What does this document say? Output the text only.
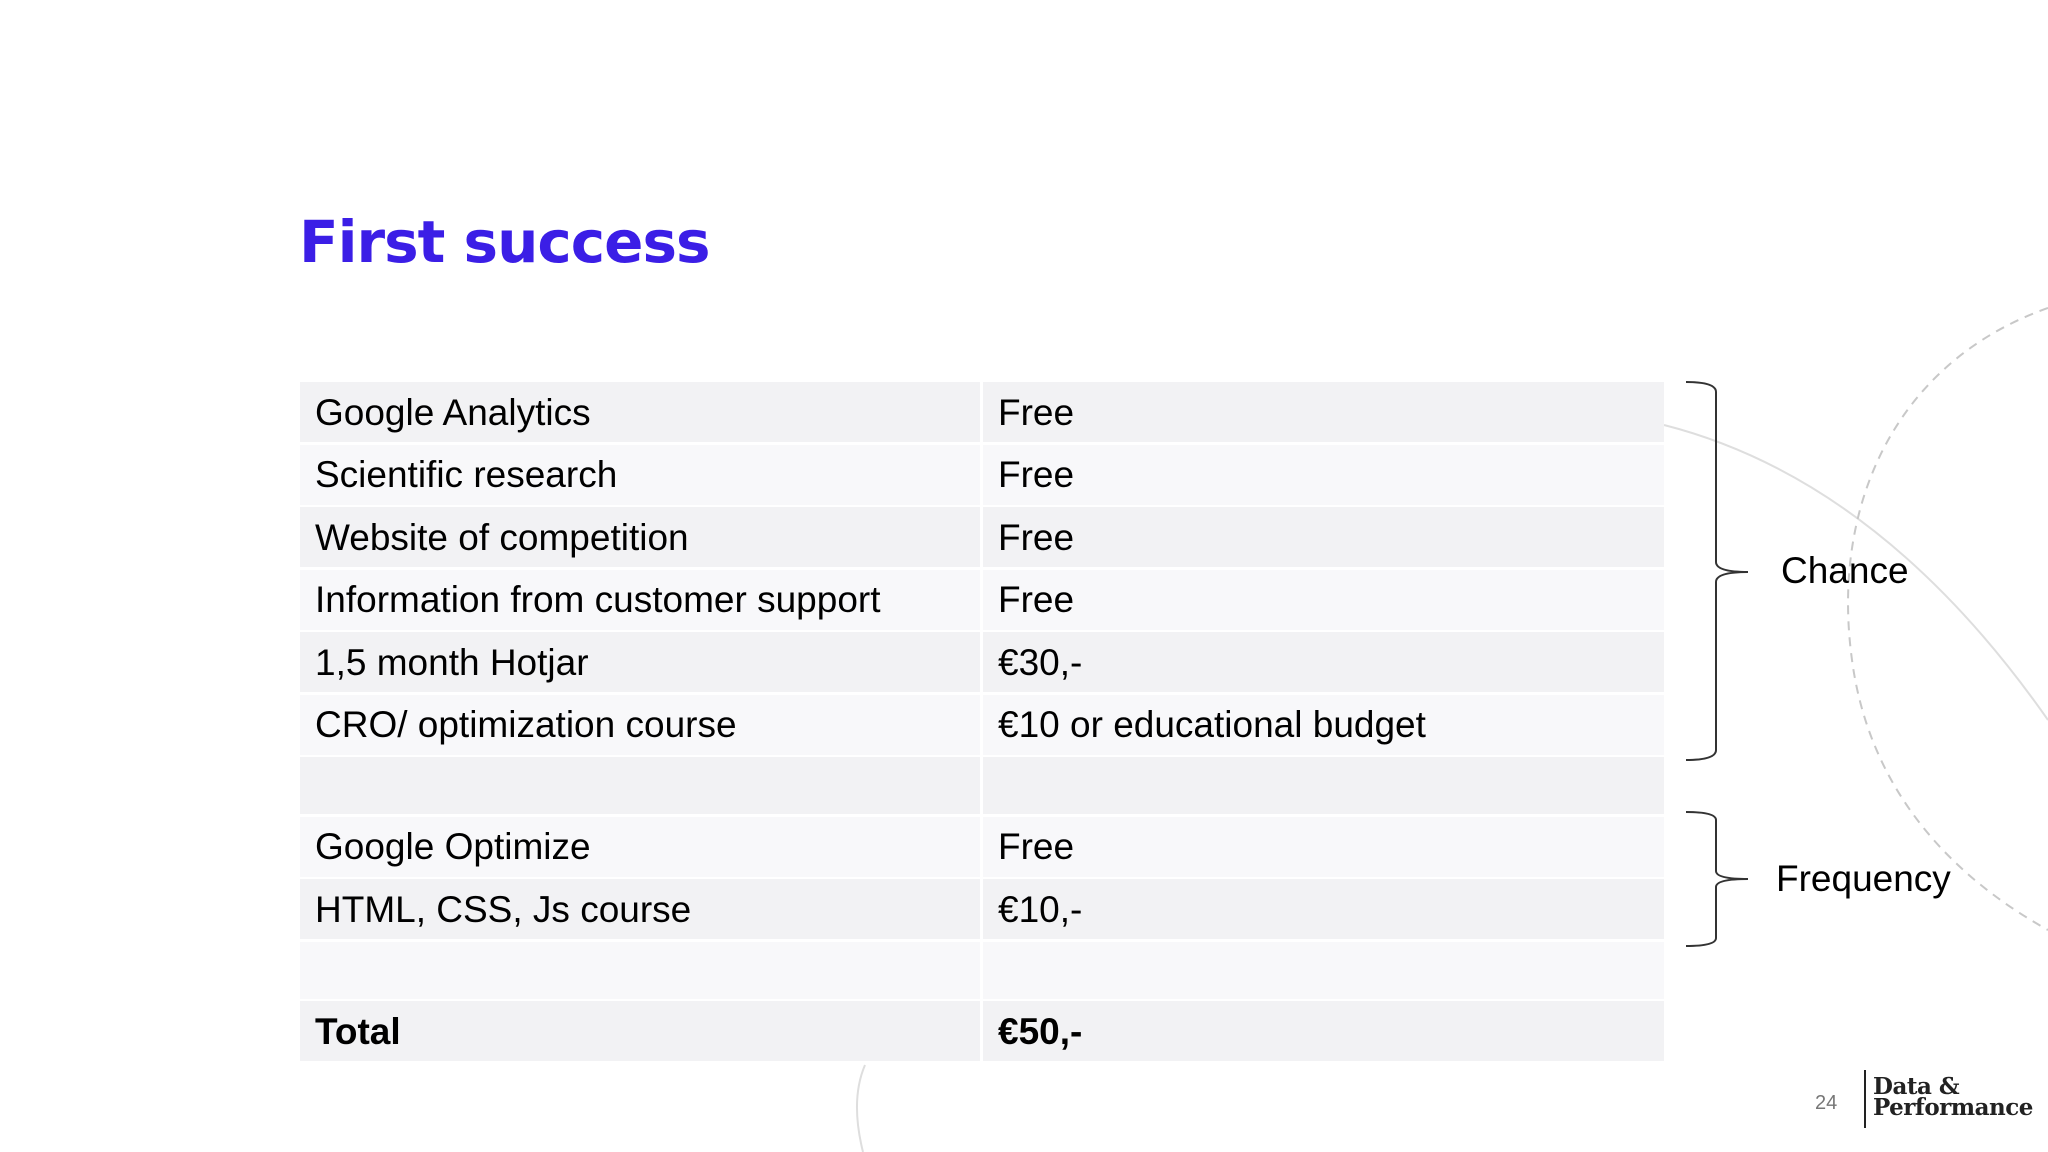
First success
Google Analytics	Free
Scientific research	Free
Website of competition	Free
Information from customer support	Free
1,5 month Hotjar	€30,-
CRO/ optimization course	€10 or educational budget
Google Optimize	Free
HTML, CSS, Js course	€10,-
Total	€50,-
Chance
Frequency
24
Data &
Performance
